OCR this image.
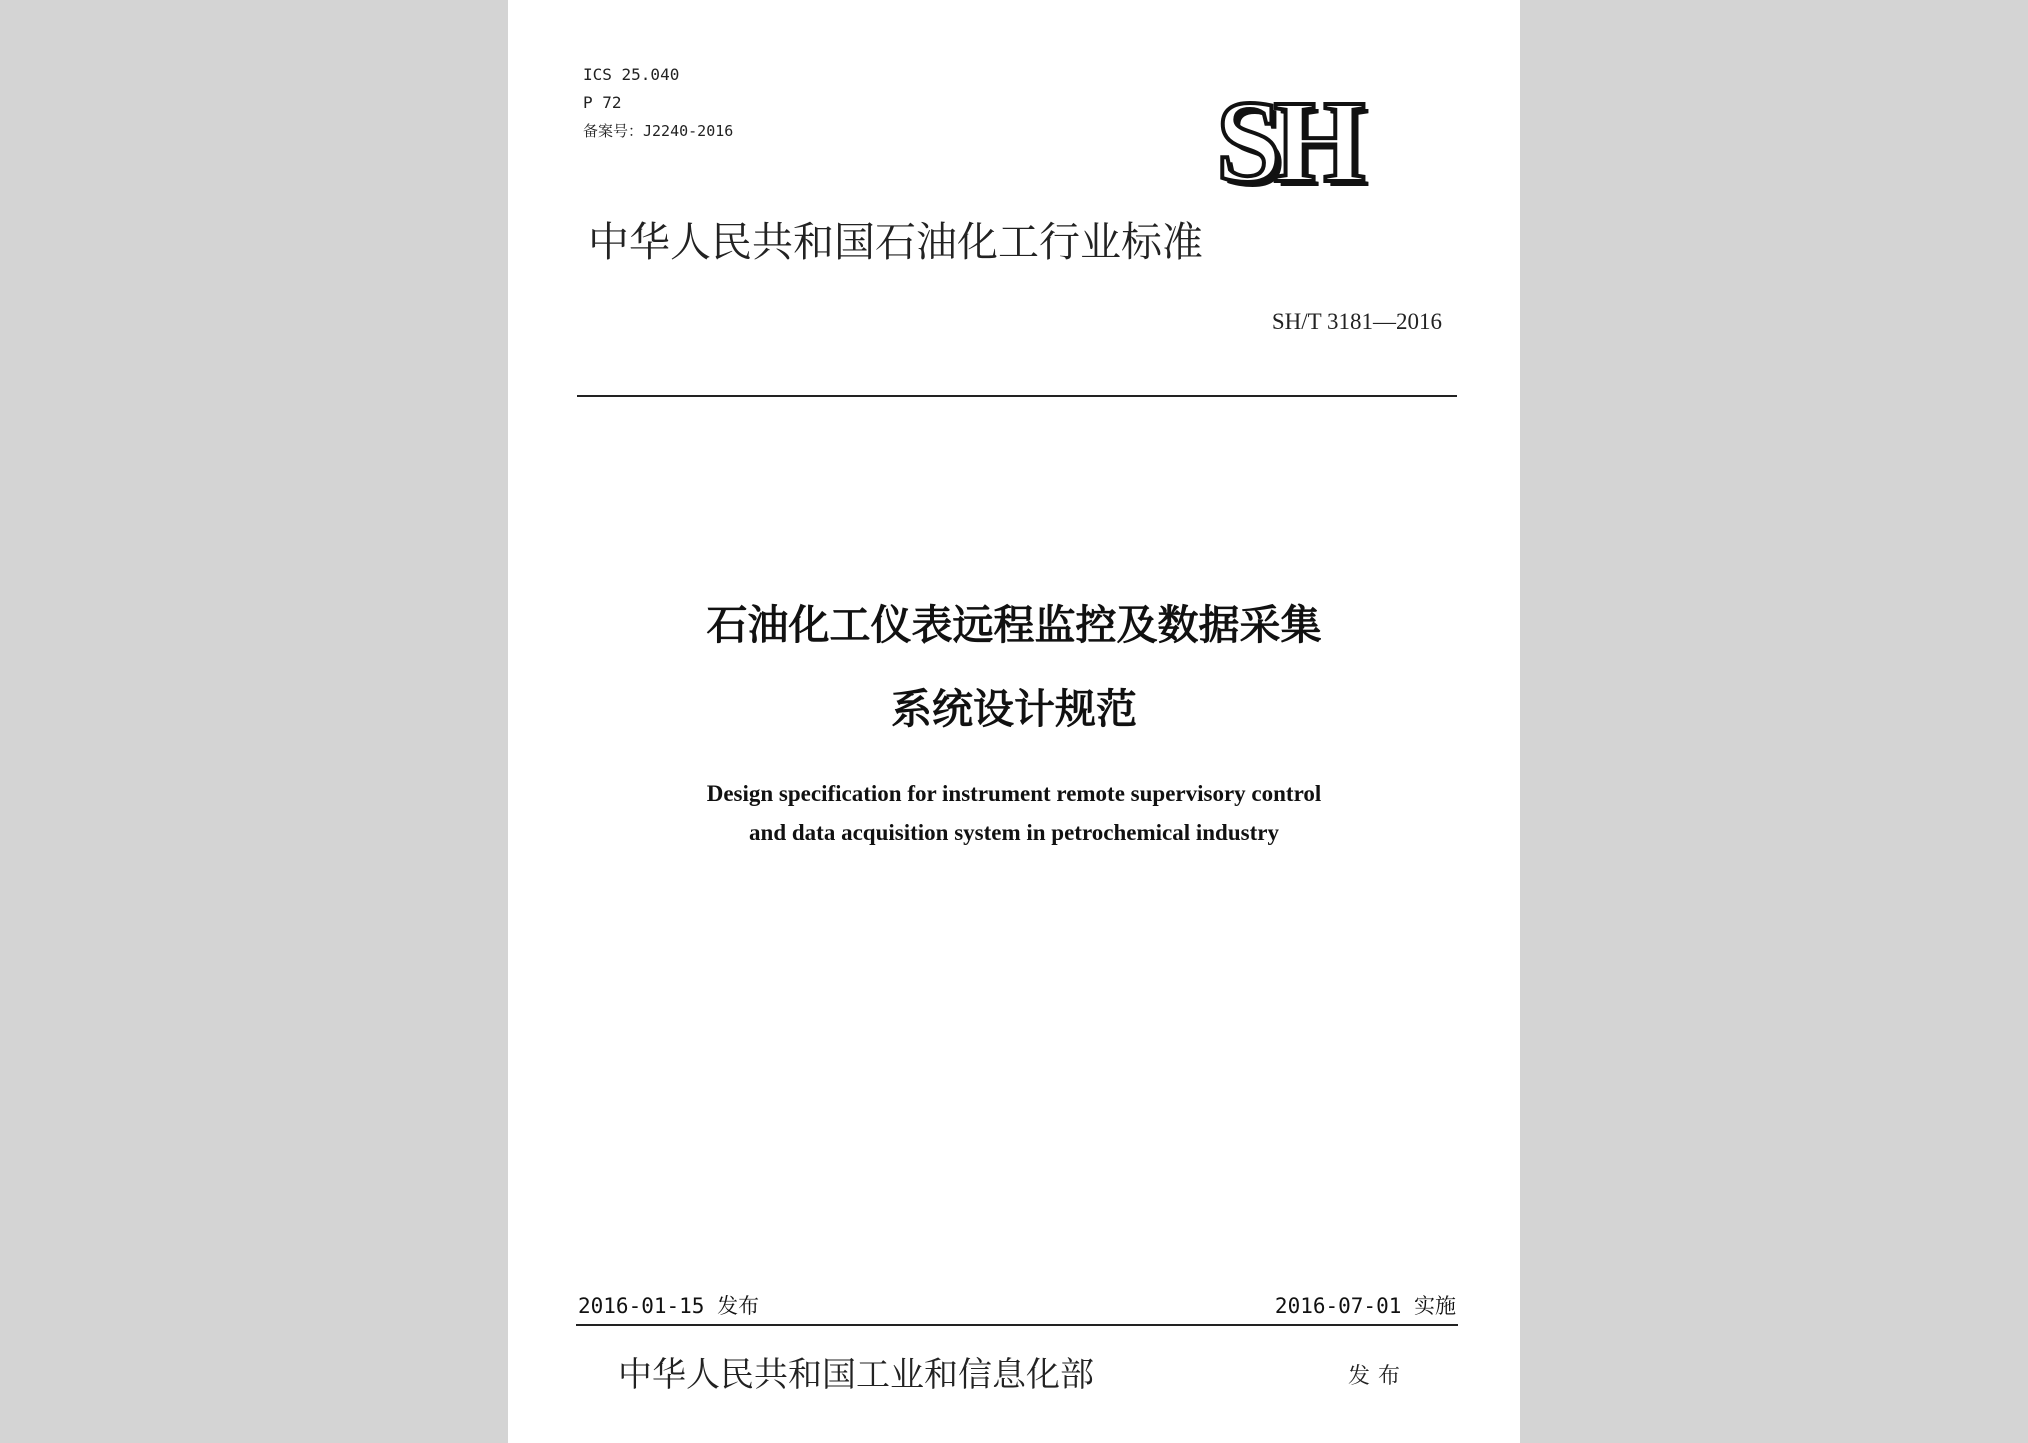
ICS 25.040
P 72
备案号：J2240-2016	SH
中华人民共和国石油化工行业标准
SH/T 3181—2016
石油化工仪表远程监控及数据采集
系统设计规范
Design specification for instrument remote supervisory control
and data acquisition system in petrochemical industry
2016-01-15 发布	2016-07-01 实施
中华人民共和国工业和信息化部	发布
